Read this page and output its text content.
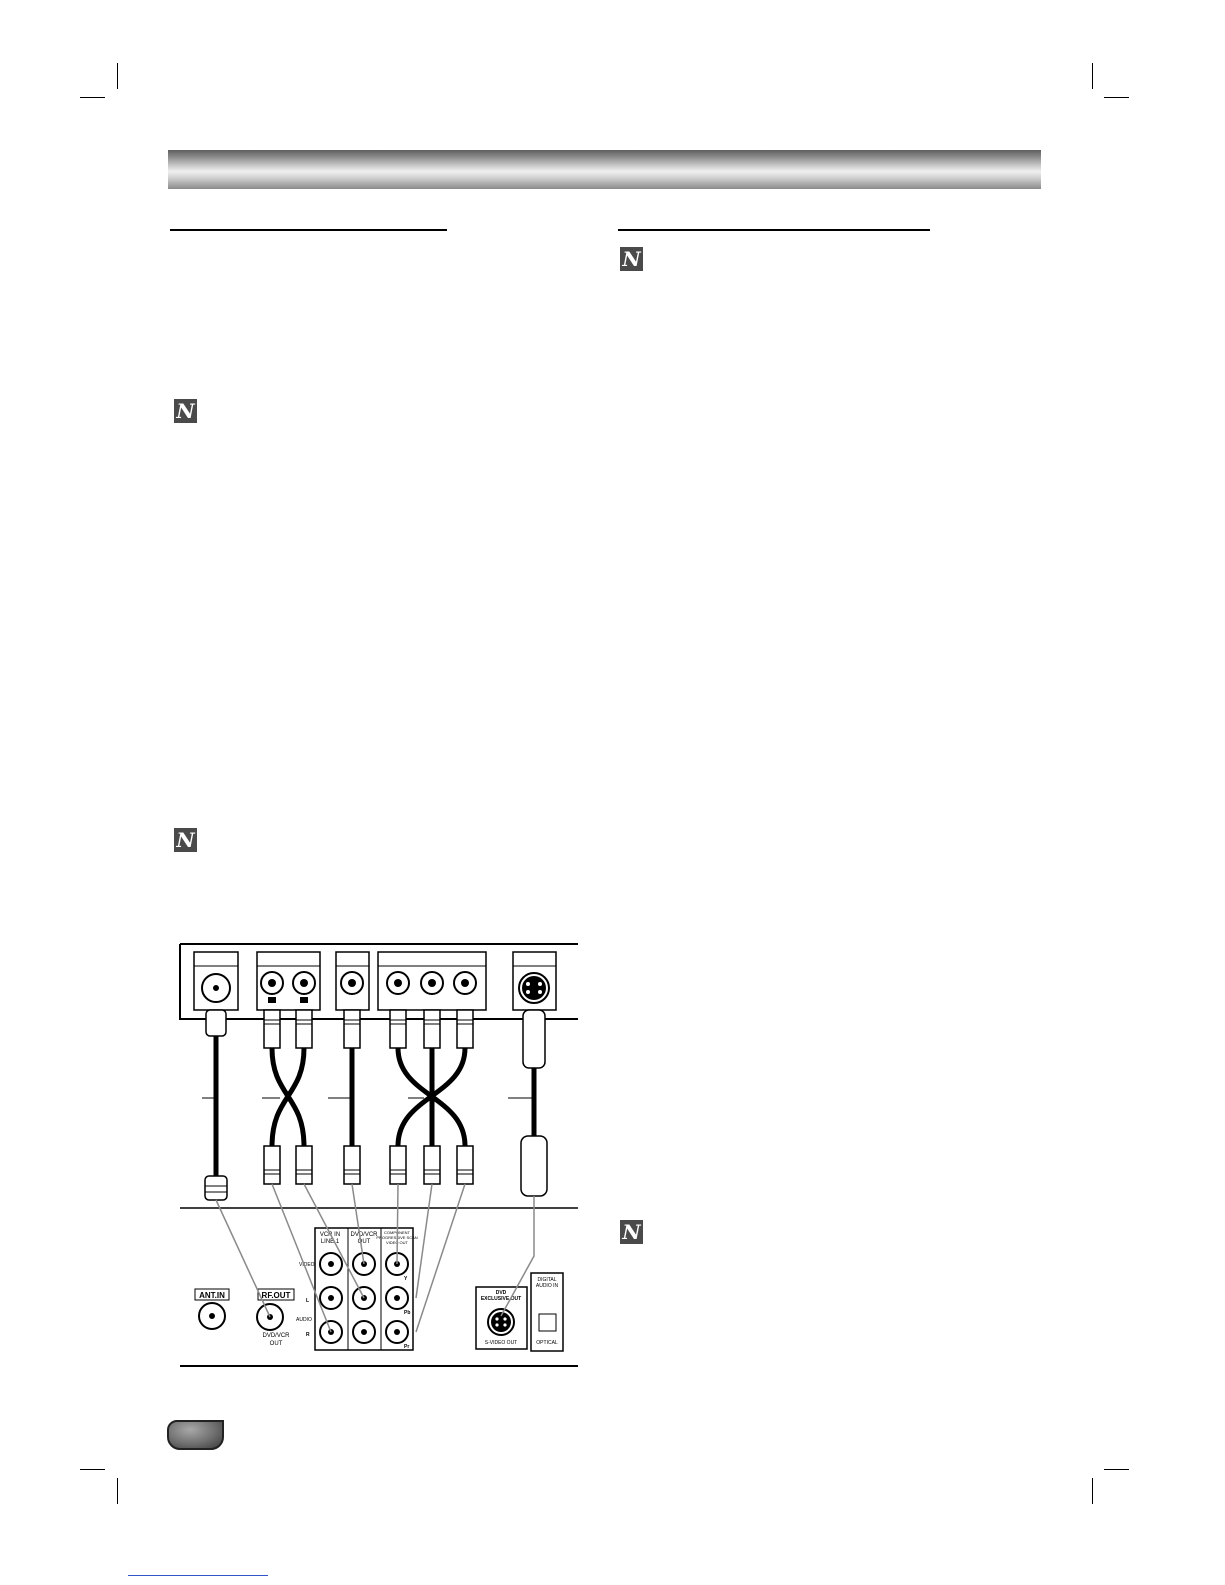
N
N
N
N
ANT.IN	RF.OUT
DVD/VCR
OUT
VCR IN
LINE 1
DVD/VCR
OUT
COMPONENT
PROGRESSIVE SCAN
VIDEO OUT
VIDEO
AUDIO
L
R
Y
Pb
Pr
DVD
EXCLUSIVE OUT
S-VIDEO OUT
DIGITAL
AUDIO IN
OPTICAL
